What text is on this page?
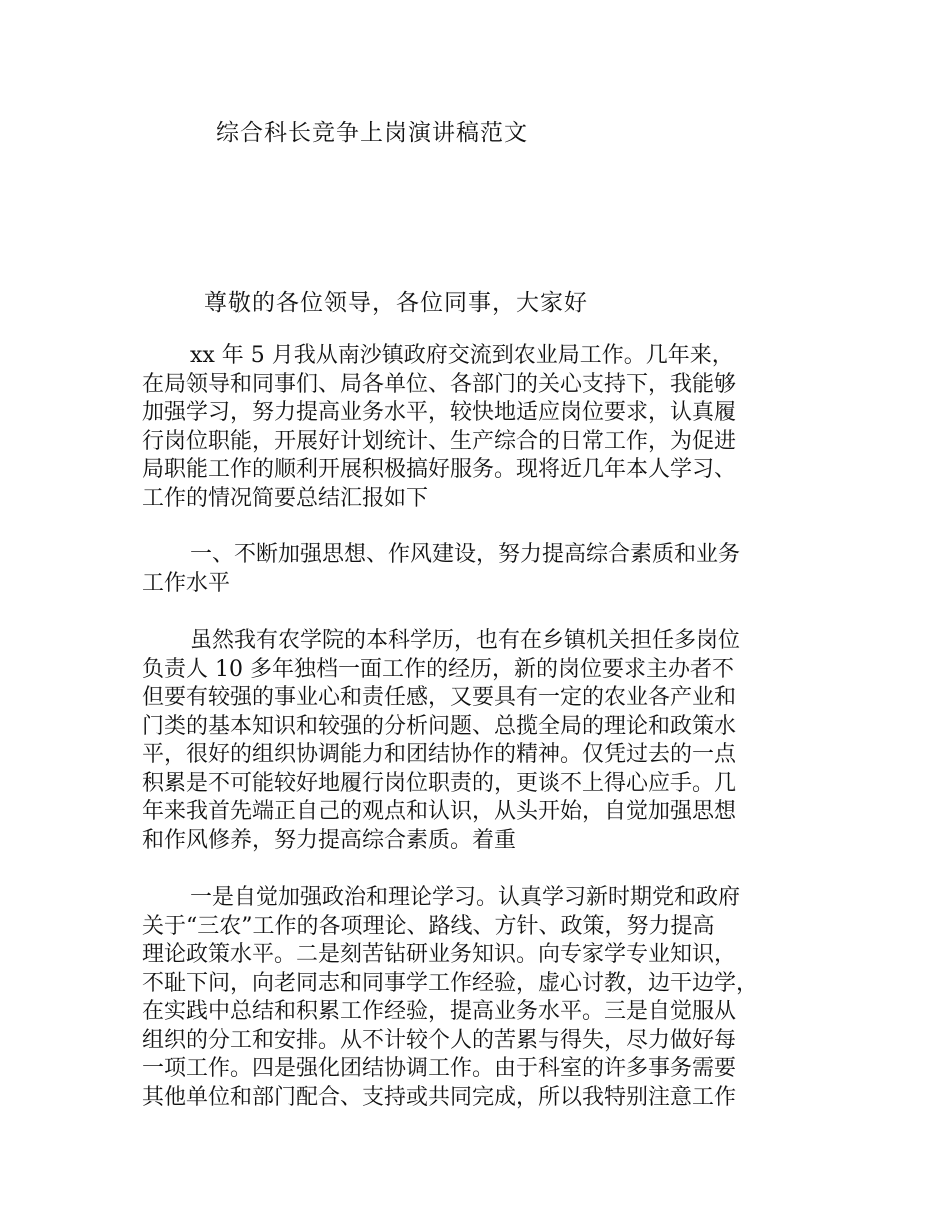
综合科长竞争上岗演讲稿范文
尊敬的各位领导，各位同事，大家好
xx 年 5 月我从南沙镇政府交流到农业局工作。几年来，
在局领导和同事们、局各单位、各部门的关心支持下，我能够
加强学习，努力提高业务水平，较快地适应岗位要求，认真履
行岗位职能，开展好计划统计、生产综合的日常工作，为促进
局职能工作的顺利开展积极搞好服务。现将近几年本人学习、
工作的情况简要总结汇报如下
一、不断加强思想、作风建设，努力提高综合素质和业务
工作水平
虽然我有农学院的本科学历，也有在乡镇机关担任多岗位
负责人 10 多年独档一面工作的经历，新的岗位要求主办者不
但要有较强的事业心和责任感，又要具有一定的农业各产业和
门类的基本知识和较强的分析问题、总揽全局的理论和政策水
平，很好的组织协调能力和团结协作的精神。仅凭过去的一点
积累是不可能较好地履行岗位职责的，更谈不上得心应手。几
年来我首先端正自己的观点和认识，从头开始，自觉加强思想
和作风修养，努力提高综合素质。着重
一是自觉加强政治和理论学习。认真学习新时期党和政府
关于“三农”工作的各项理论、路线、方针、政策，努力提高
理论政策水平。二是刻苦钻研业务知识。向专家学专业知识，
不耻下问，向老同志和同事学工作经验，虚心讨教，边干边学，
在实践中总结和积累工作经验，提高业务水平。三是自觉服从
组织的分工和安排。从不计较个人的苦累与得失，尽力做好每
一项工作。四是强化团结协调工作。由于科室的许多事务需要
其他单位和部门配合、支持或共同完成，所以我特别注意工作
